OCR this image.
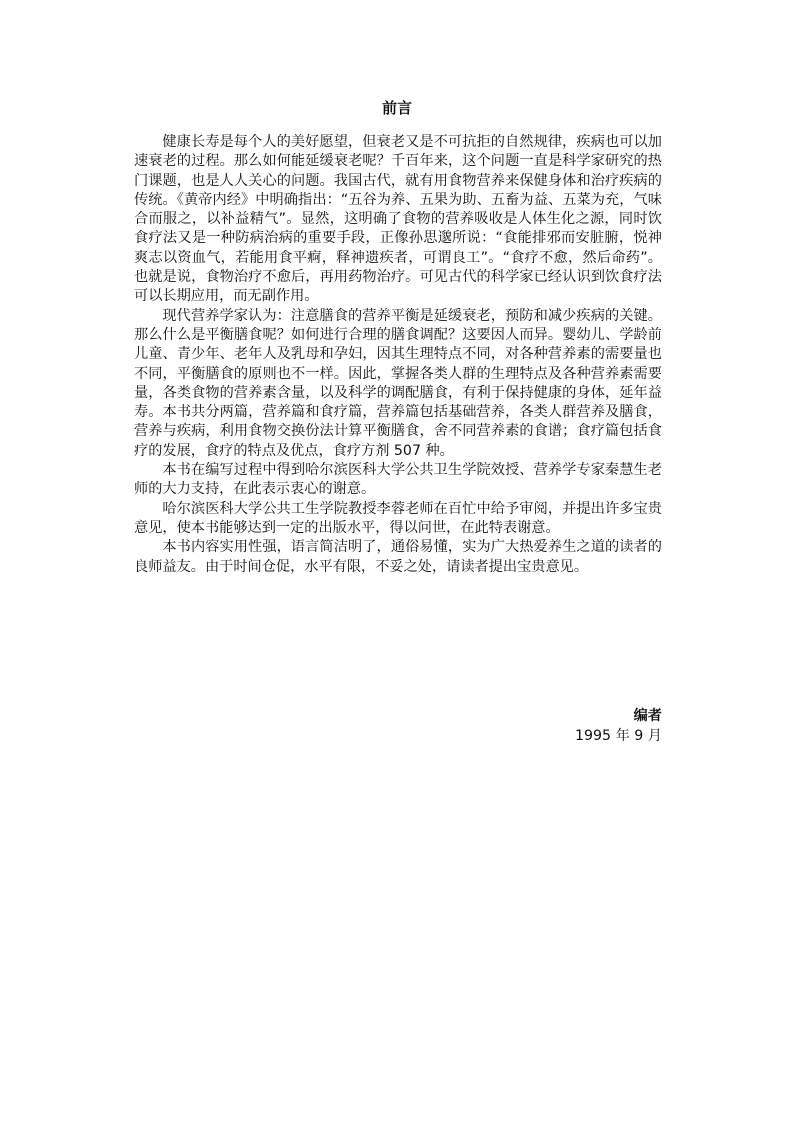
前言

健康长寿是每个人的美好愿望，但衰老又是不可抗拒的自然规律，疾病也可以加速衰老的过程。那么如何能延缓衰老呢？千百年来，这个问题一直是科学家研究的热门课题，也是人人关心的问题。我国古代，就有用食物营养来保健身体和治疗疾病的传统。《黄帝内经》中明确指出：“五谷为养、五果为助、五畜为益、五菜为充，气味合而服之，以补益精气”。显然，这明确了食物的营养吸收是人体生化之源，同时饮食疗法又是一种防病治病的重要手段，正像孙思邈所说：“食能排邪而安脏腑，悦神爽志以资血气，若能用食平痾，释神遗疾者，可谓良工”。“食疗不愈，然后命药”。也就是说，食物治疗不愈后，再用药物治疗。可见古代的科学家已经认识到饮食疗法可以长期应用，而无副作用。

现代营养学家认为：注意膳食的营养平衡是延缓衰老，预防和减少疾病的关键。那么什么是平衡膳食呢？如何进行合理的膳食调配？这要因人而异。婴幼儿、学龄前儿童、青少年、老年人及乳母和孕妇，因其生理特点不同，对各种营养素的需要量也不同，平衡膳食的原则也不一样。因此，掌握各类人群的生理特点及各种营养素需要量，各类食物的营养素含量，以及科学的调配膳食，有利于保持健康的身体，延年益寿。本书共分两篇，营养篇和食疗篇，营养篇包括基础营养，各类人群营养及膳食，营养与疾病，利用食物交换份法计算平衡膳食，舍不同营养素的食谱；食疗篇包括食疗的发展，食疗的特点及优点，食疗方剂 507 种。

本书在编写过程中得到哈尔滨医科大学公共卫生学院效授、营养学专家秦慧生老师的大力支持，在此表示衷心的谢意。

哈尔滨医科大学公共工生学院教授李蓉老师在百忙中给予审阅，并提出许多宝贵意见，使本书能够达到一定的出版水平，得以问世，在此特表谢意。

本书内容实用性强，语言简洁明了，通俗易懂，实为广大热爱养生之道的读者的良师益友。由于时间仓促，水平有限，不妥之处，请读者提出宝贵意见。

编者
1995 年 9 月
